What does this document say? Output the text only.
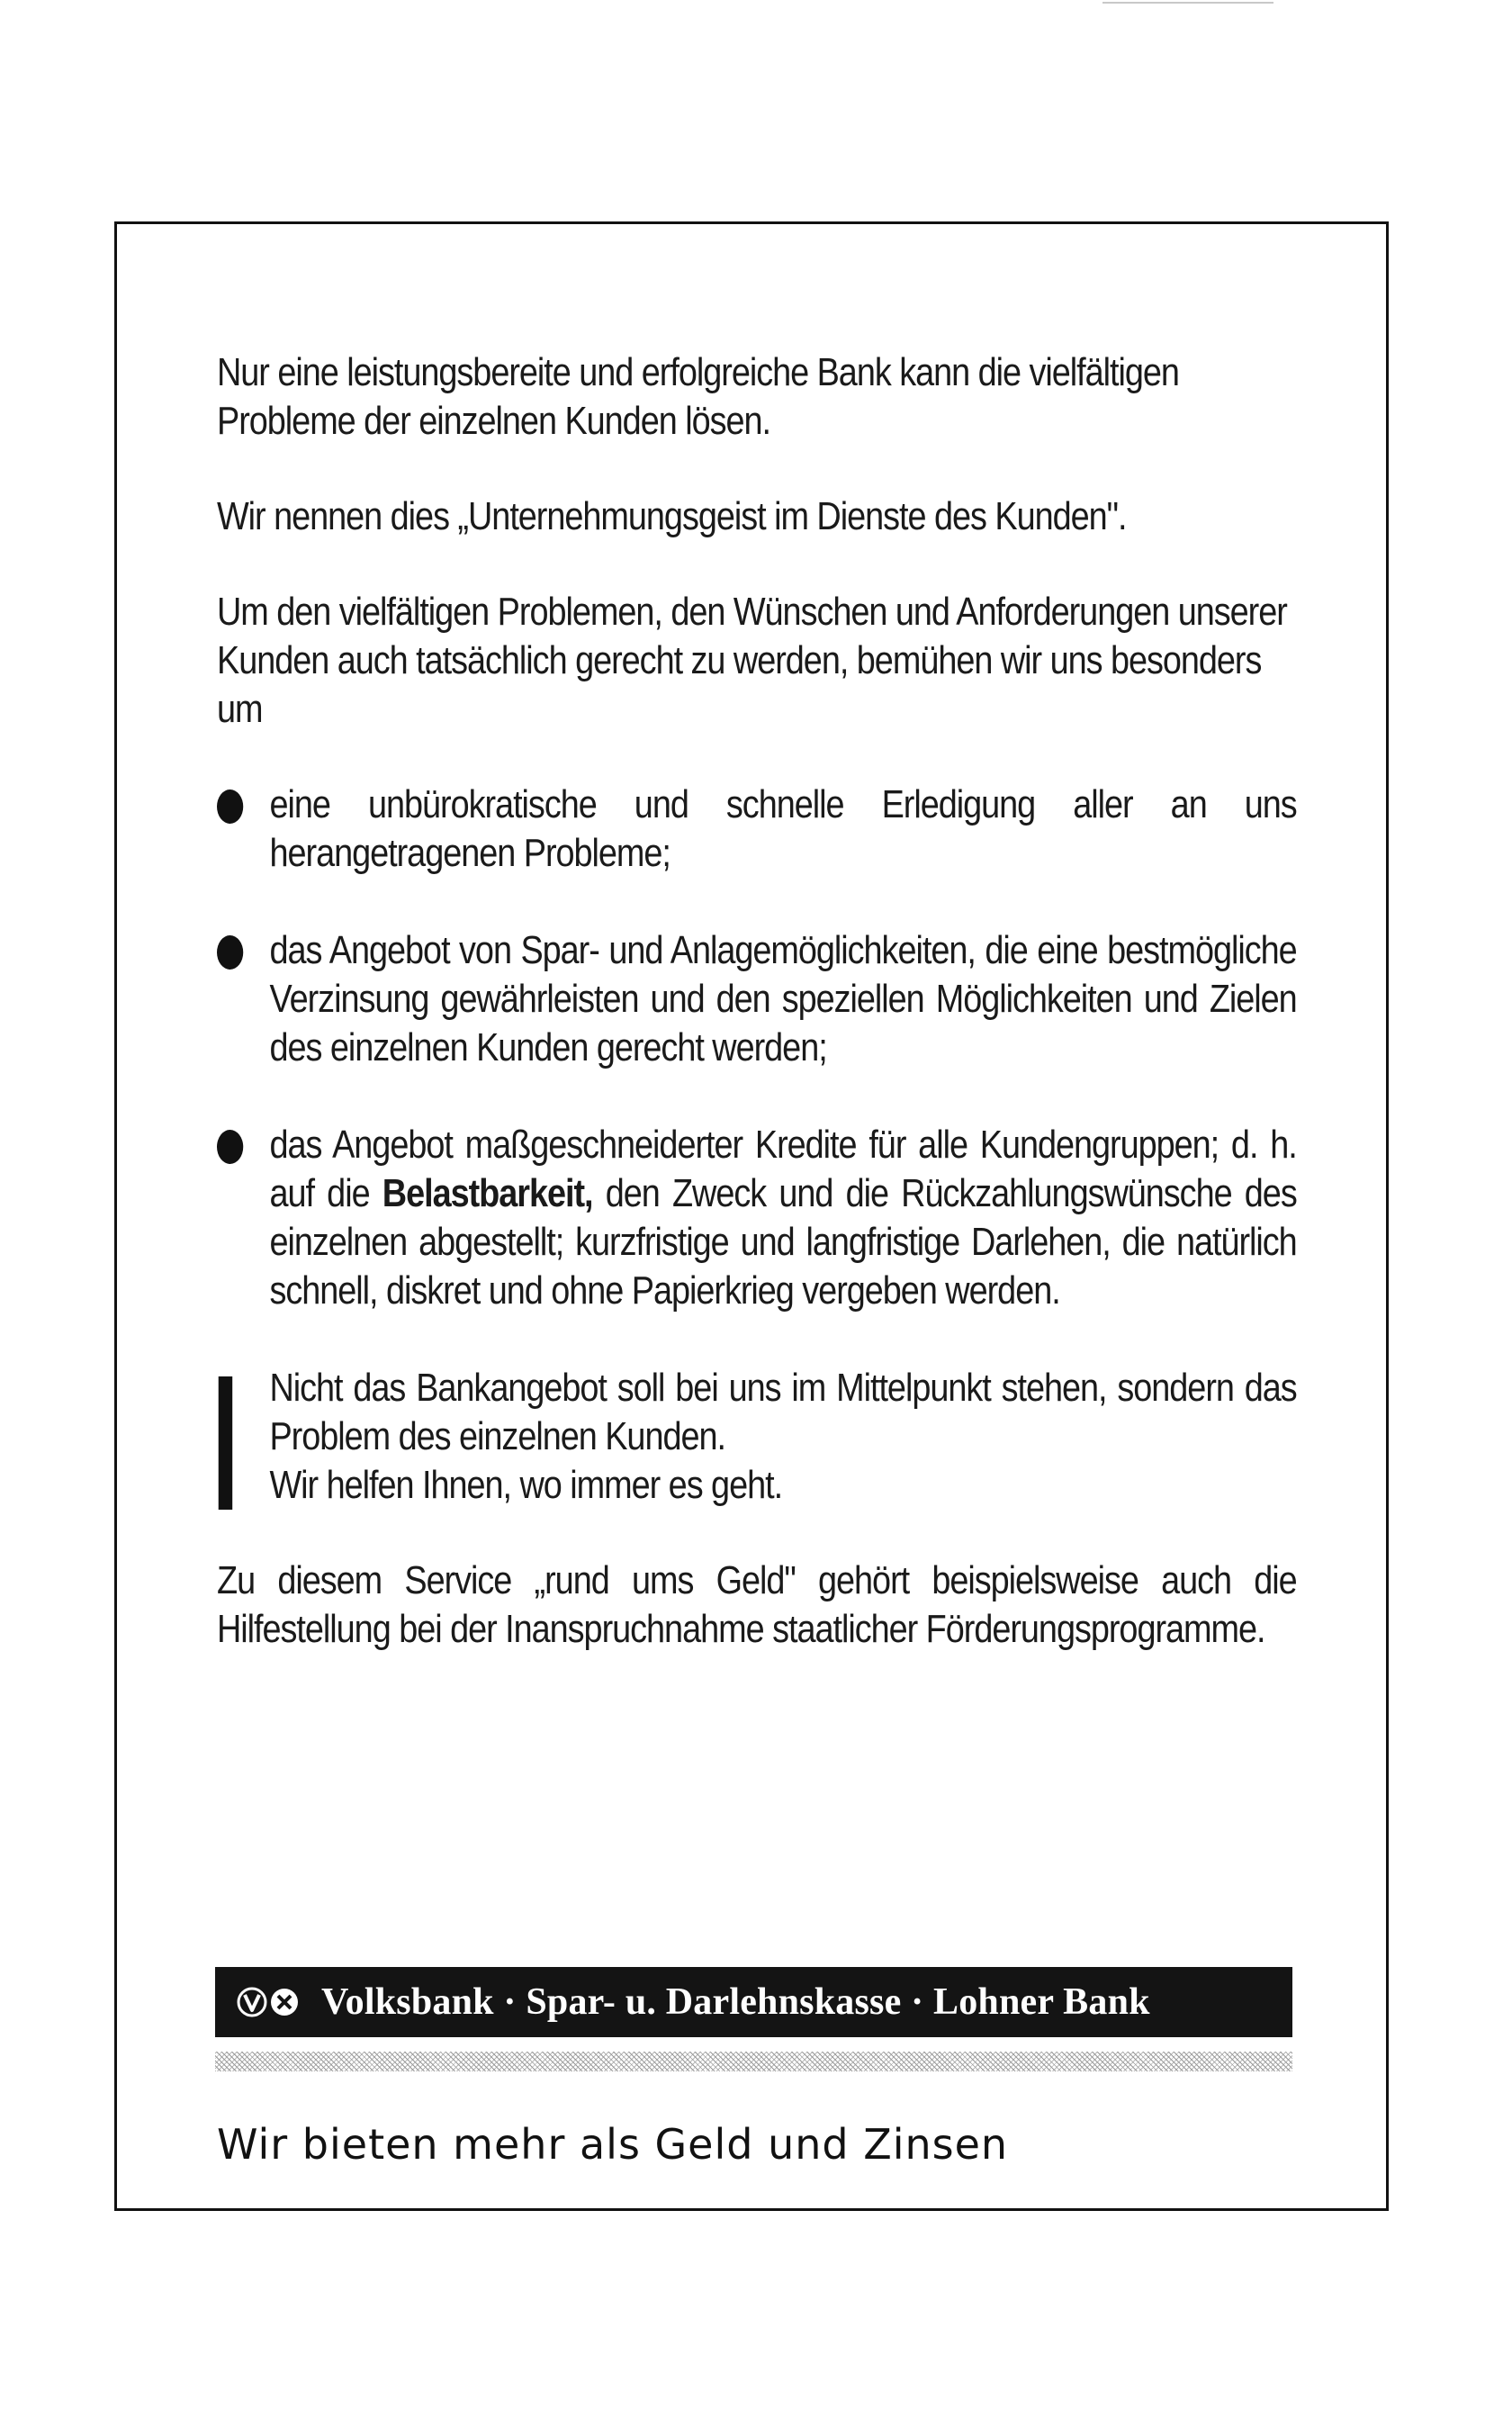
Nur eine leistungsbereite und erfolgreiche Bank kann die vielfältigen Probleme der einzelnen Kunden lösen.

Wir nennen dies „Unternehmungsgeist im Dienste des Kunden".

Um den vielfältigen Problemen, den Wünschen und Anforderungen unserer Kunden auch tatsächlich gerecht zu werden, bemühen wir uns besonders um

eine unbürokratische und schnelle Erledigung aller an uns herangetragenen Probleme;
das Angebot von Spar- und Anlagemöglichkeiten, die eine bestmögliche Verzinsung gewährleisten und den speziellen Möglichkeiten und Zielen des einzelnen Kunden gerecht werden;
das Angebot maßgeschneiderter Kredite für alle Kundengruppen; d. h. auf die Belastbarkeit, den Zweck und die Rückzahlungswünsche des einzelnen abgestellt; kurzfristige und langfristige Darlehen, die natürlich schnell, diskret und ohne Papierkrieg vergeben werden.
Nicht das Bankangebot soll bei uns im Mittelpunkt stehen, sondern das Problem des einzelnen Kunden.
Wir helfen Ihnen, wo immer es geht.

Zu diesem Service „rund ums Geld" gehört beispielsweise auch die Hilfestellung bei der Inanspruchnahme staatlicher Förderungsprogramme.

Volksbank · Spar- u. Darlehnskasse · Lohner Bank
Wir bieten mehr als Geld und Zinsen
